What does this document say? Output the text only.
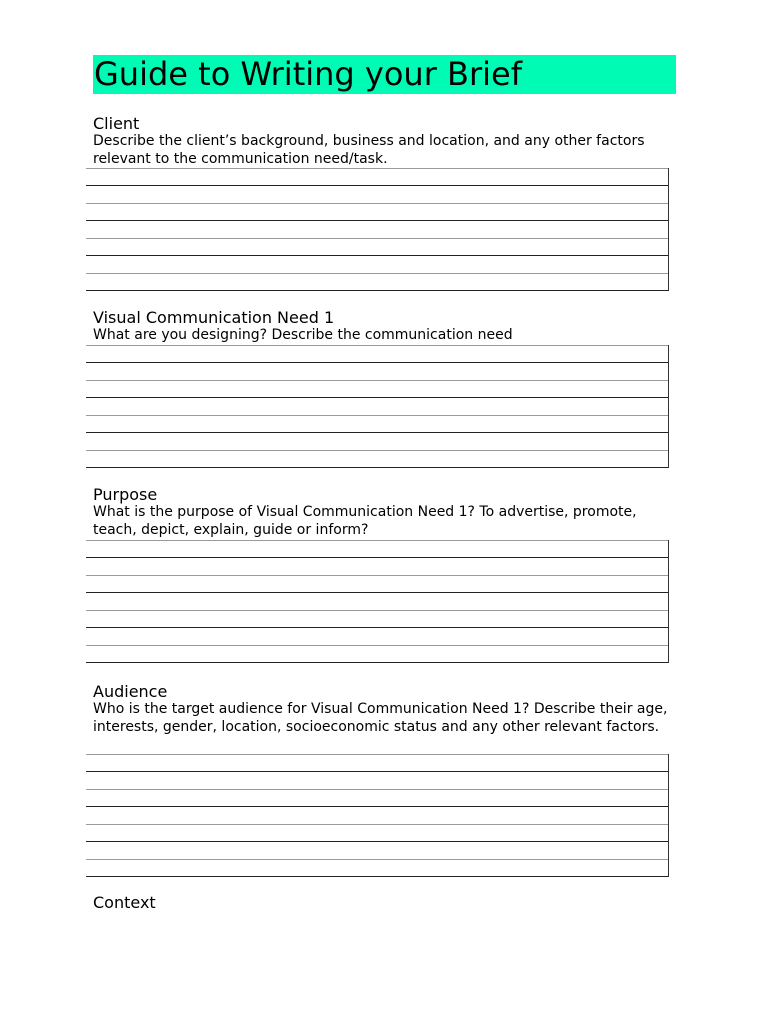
Guide to Writing your Brief
Client
Describe the client’s background, business and location, and any other factors relevant to the communication need/task.
Visual Communication Need 1
What are you designing? Describe the communication need
Purpose
What is the purpose of Visual Communication Need 1? To advertise, promote, teach, depict, explain, guide or inform?
Audience
Who is the target audience for Visual Communication Need 1? Describe their age, interests, gender, location, socioeconomic status and any other relevant factors.
Context
